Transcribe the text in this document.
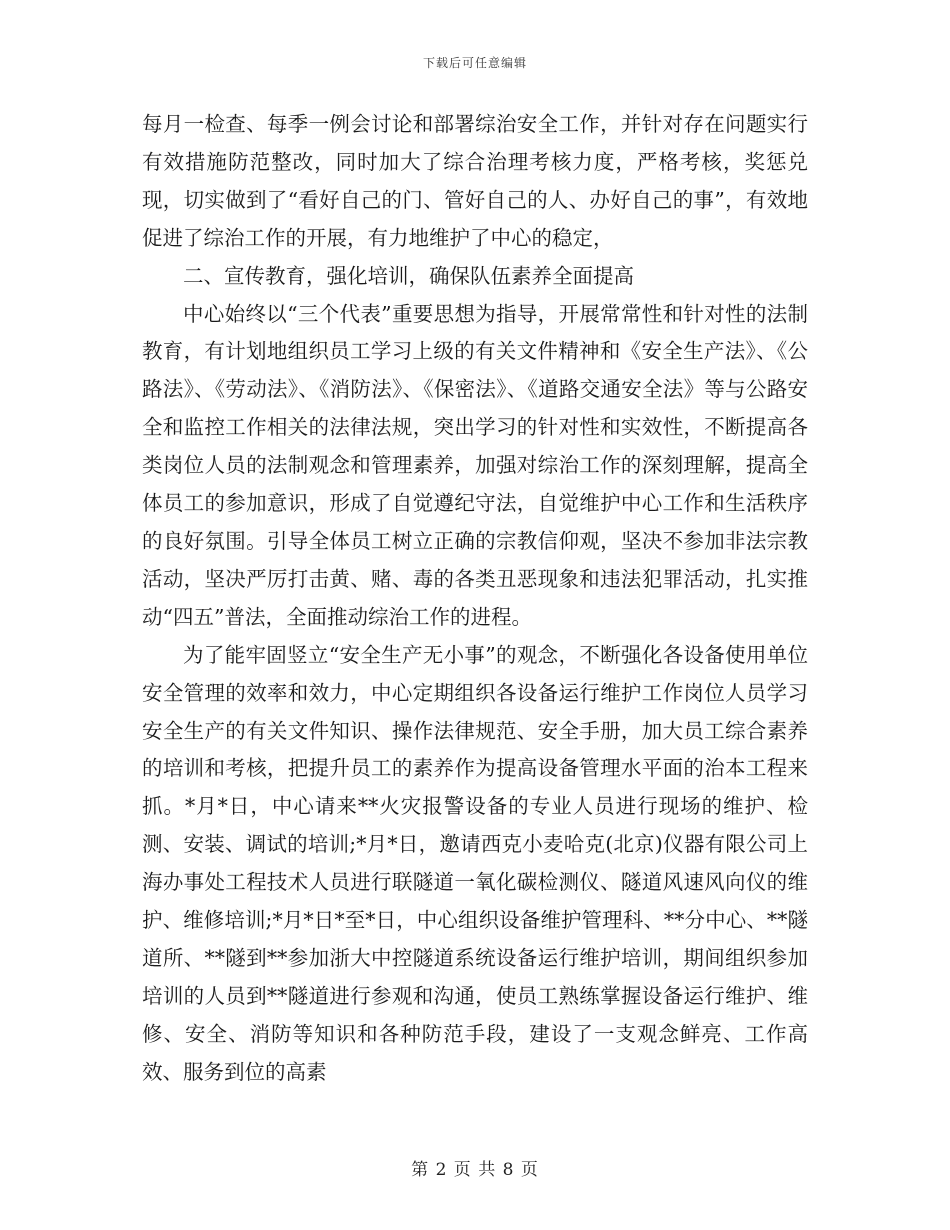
下载后可任意编辑

每月一检查、每季一例会讨论和部署综治安全工作，并针对存在问题实行有效措施防范整改，同时加大了综合治理考核力度，严格考核，奖惩兑现，切实做到了“看好自己的门、管好自己的人、办好自己的事”，有效地促进了综治工作的开展，有力地维护了中心的稳定，

二、宣传教育，强化培训，确保队伍素养全面提高

中心始终以“三个代表”重要思想为指导，开展常常性和针对性的法制教育，有计划地组织员工学习上级的有关文件精神和《安全生产法》、《公路法》、《劳动法》、《消防法》、《保密法》、《道路交通安全法》等与公路安全和监控工作相关的法律法规，突出学习的针对性和实效性，不断提高各类岗位人员的法制观念和管理素养，加强对综治工作的深刻理解，提高全体员工的参加意识，形成了自觉遵纪守法，自觉维护中心工作和生活秩序的良好氛围。引导全体员工树立正确的宗教信仰观，坚决不参加非法宗教活动，坚决严厉打击黄、赌、毒的各类丑恶现象和违法犯罪活动，扎实推动“四五”普法，全面推动综治工作的进程。

为了能牢固竖立“安全生产无小事”的观念，不断强化各设备使用单位安全管理的效率和效力，中心定期组织各设备运行维护工作岗位人员学习安全生产的有关文件知识、操作法律规范、安全手册，加大员工综合素养的培训和考核，把提升员工的素养作为提高设备管理水平面的治本工程来抓。*月*日，中心请来**火灾报警设备的专业人员进行现场的维护、检测、安装、调试的培训;*月*日，邀请西克小麦哈克(北京)仪器有限公司上海办事处工程技术人员进行联隧道一氧化碳检测仪、隧道风速风向仪的维护、维修培训;*月*日*至*日，中心组织设备维护管理科、**分中心、**隧道所、**隧到**参加浙大中控隧道系统设备运行维护培训，期间组织参加培训的人员到**隧道进行参观和沟通，使员工熟练掌握设备运行维护、维修、安全、消防等知识和各种防范手段，建设了一支观念鲜亮、工作高效、服务到位的高素

第 2 页 共 8 页
